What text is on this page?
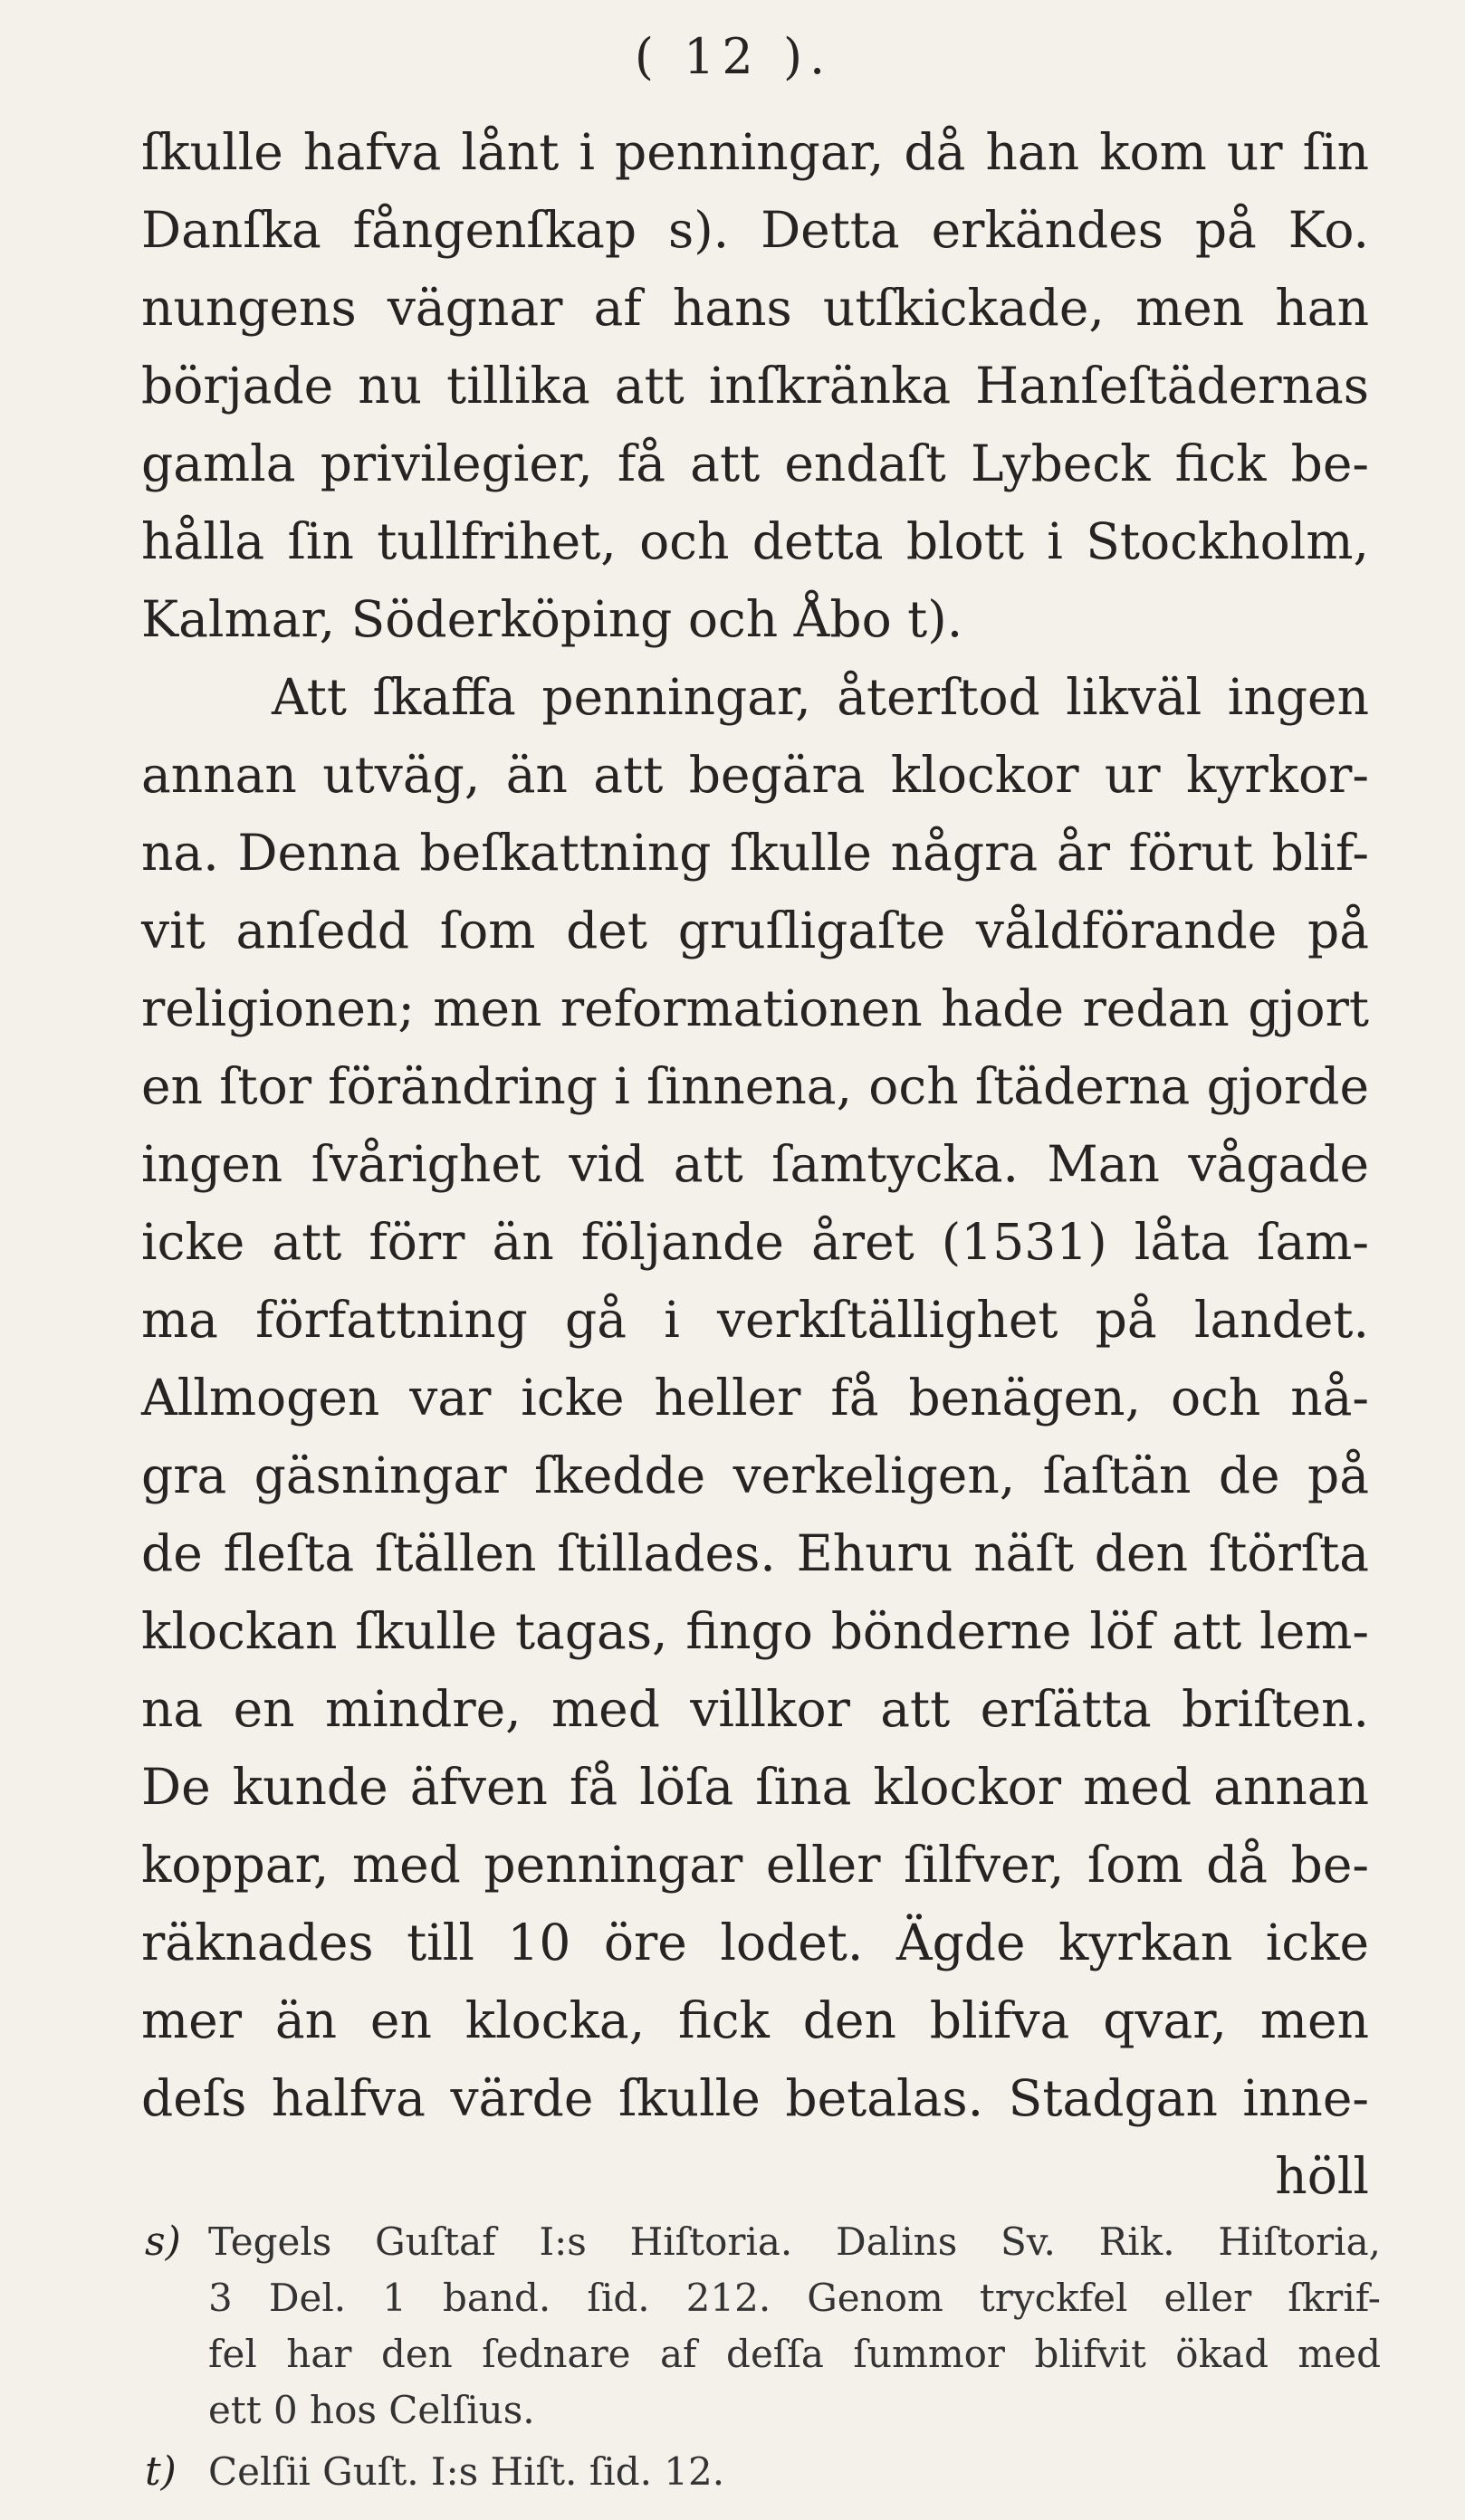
( 12 ).
ſkulle hafva lånt i penningar, då han kom ur ſin
Danſka fångenſkap s). Detta erkändes på Ko.
nungens vägnar af hans utſkickade, men han
började nu tillika att inſkränka Hanſeſtädernas
gamla privilegier, få att endaſt Lybeck fick be-
hålla ſin tullfrihet, och detta blott i Stockholm,
Kalmar, Söderköping och Åbo t).
Att ſkaffa penningar, återſtod likväl ingen
annan utväg, än att begära klockor ur kyrkor-
na. Denna beſkattning ſkulle några år förut blif-
vit anſedd ſom det gruſligaſte våldförande på
religionen; men reformationen hade redan gjort
en ſtor förändring i ſinnena, och ſtäderna gjorde
ingen ſvårighet vid att ſamtycka. Man vågade
icke att förr än följande året (1531) låta ſam-
ma författning gå i verkſtällighet på landet.
Allmogen var icke heller få benägen, och nå-
gra gäsningar ſkedde verkeligen, ſaſtän de på
de fleſta ſtällen ſtillades. Ehuru näſt den ſtörſta
klockan ſkulle tagas, fingo bönderne löf att lem-
na en mindre, med villkor att erſätta briſten.
De kunde äfven få löſa ſina klockor med annan
koppar, med penningar eller ſilfver, ſom då be-
räknades till 10 öre lodet. Ägde kyrkan icke
mer än en klocka, fick den blifva qvar, men
deſs halfva värde ſkulle betalas. Stadgan inne-
höll
s) Tegels Guſtaf I:s Hiſtoria. Dalins Sv. Rik. Hiſtoria,
3 Del. 1 band. ſid. 212. Genom tryckfel eller ſkrif-
fel har den ſednare af deſſa ſummor blifvit ökad med
ett 0 hos Celſius.
t) Celſii Guſt. I:s Hiſt. ſid. 12.
